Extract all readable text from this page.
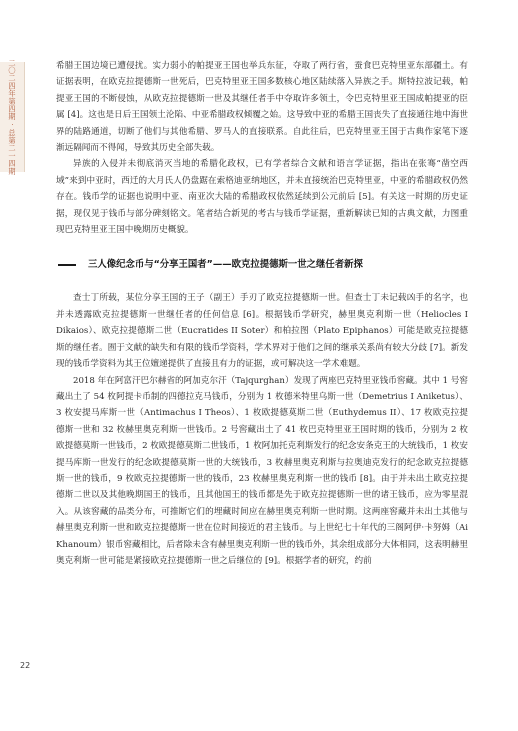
二〇二四年第四期 · 总第二一四期	希腊王国边境已遭侵扰。实力弱小的帕提亚王国也举兵东征，夺取了两行省，蚕食巴克特里亚东部疆土。有证据表明，在欧克拉提德斯一世死后，巴克特里亚王国多数核心地区陆续落入异族之手。斯特拉波记载，帕提亚王国的不断侵蚀，从欧克拉提德斯一世及其继任者手中夺取许多领土，令巴克特里亚王国成帕提亚的臣属 [4]。这也是日后王国领土沦陷、中亚希腊政权倾覆之始。这导致中亚的希腊王国丧失了直接通往地中海世界的陆路通道，切断了他们与其他希腊、罗马人的直接联系。自此往后，巴克特里亚王国于古典作家笔下逐渐远隔闻而不得闻，导致其历史全部失载。

异族的入侵并未彻底消灭当地的希腊化政权，已有学者综合文献和语言学证据，指出在张骞“凿空西域”来到中亚时，西迁的大月氏人仍盘踞在索格迪亚纳地区，并未直接统治巴克特里亚，中亚的希腊政权仍然存在。钱币学的证据也说明中亚、南亚次大陆的希腊政权依然延续到公元前后 [5]。有关这一时期的历史证据，现仅见于钱币与部分碑刻铭文。笔者结合新见的考古与钱币学证据，重新解读已知的古典文献，力图重现巴克特里亚王国中晚期历史概貌。

三人像纪念币与“分享王国者”——欧克拉提德斯一世之继任者新探

查士丁所载，某位分享王国的王子（副王）手刃了欧克拉提德斯一世。但查士丁未记载凶手的名字，也并未透露欧克拉提德斯一世继任者的任何信息 [6]。根据钱币学研究，赫里奥克利斯一世（Heliocles I Dikaios）、欧克拉提德斯二世（Eucratides II Soter）和柏拉图（Plato Epiphanos）可能是欧克拉提德斯的继任者。囿于文献的缺失和有限的钱币学资料，学术界对于他们之间的继承关系尚有较大分歧 [7]。新发现的钱币学资料为其王位嬗递提供了直接且有力的证据，或可解决这一学术难题。

2018 年在阿富汗巴尔赫省的阿加克尔汗（Tajqurghan）发现了两座巴克特里亚钱币窖藏。其中 1 号窖藏出土了 54 枚阿提卡币制的四德拉克马钱币，分别为 1 枚德米特里乌斯一世（Demetrius I Aniketus）、3 枚安提马库斯一世（Antimachus I Theos）、1 枚欧提德莫斯二世（Euthydemus II）、17 枚欧克拉提德斯一世和 32 枚赫里奥克利斯一世钱币。2 号窖藏出土了 41 枚巴克特里亚王国时期的钱币，分别为 2 枚欧提德莫斯一世钱币，2 枚欧提德莫斯二世钱币，1 枚阿加托克利斯发行的纪念安条克王的大统钱币，1 枚安提马库斯一世发行的纪念欧提德莫斯一世的大统钱币，3 枚赫里奥克利斯与拉奥迪克发行的纪念欧克拉提德斯一世的钱币，9 枚欧克拉提德斯一世的钱币，23 枚赫里奥克利斯一世的钱币 [8]。由于并未出土欧克拉提德斯二世以及其他晚期国王的钱币，且其他国王的钱币都是先于欧克拉提德斯一世的诸王钱币，应为零星混入。从该窖藏的品类分布，可推断它们的埋藏时间应在赫里奥克利斯一世时期。这两座窖藏并未出土其他与赫里奥克利斯一世和欧克拉提德斯一世在位时间接近的君主钱币。与上世纪七十年代的三阁阿伊·卡努姆（Ai Khanoum）银币窖藏相比，后者除未含有赫里奥克利斯一世的钱币外，其余组成部分大体相同，这表明赫里奥克利斯一世可能是紧接欧克拉提德斯一世之后继位的 [9]。根据学者的研究，约前

22
